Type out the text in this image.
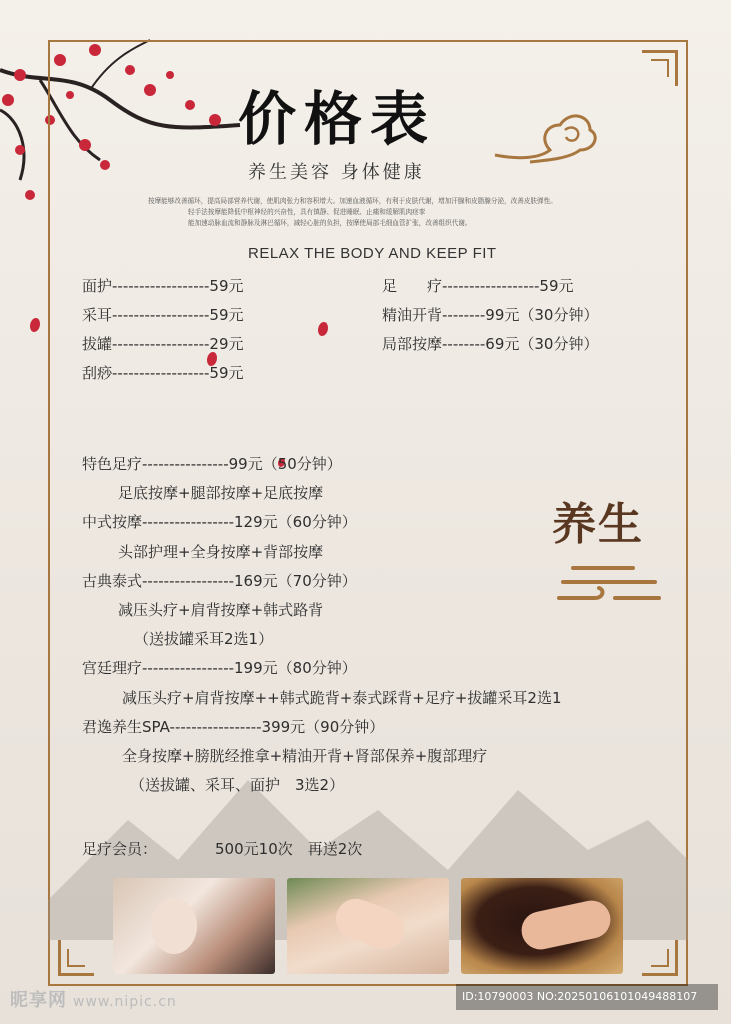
价格表
养生美容 身体健康
按摩能够改善循环，提高局部营养代谢，使肌肉张力和容积增大。加速血液循环，有利于皮肤代谢，增加汗腺和皮脂腺分泌，改善皮肤弹性。
轻手法按摩能降低中枢神经的兴奋性，具有镇静、促进睡眠、止痛和缓解肌肉痉挛
能加速动脉血流和静脉及淋巴循环，减轻心脏的负担，按摩使局部毛细血管扩张，改善组织代谢。
RELAX THE BODY AND KEEP FIT
面护------------------59元
采耳------------------59元
拔罐------------------29元
刮痧------------------59元
足　　疗------------------59元
精油开背--------99元（30分钟）
局部按摩--------69元（30分钟）
特色足疗----------------99元（50分钟）
足底按摩+腿部按摩+足底按摩
中式按摩-----------------129元（60分钟）
头部护理+全身按摩+背部按摩
古典泰式-----------------169元（70分钟）
减压头疗+肩背按摩+韩式路背
（送拔罐采耳2选1）
宫廷理疗-----------------199元（80分钟）
减压头疗+肩背按摩++韩式跪背+泰式踩背+足疗+拔罐采耳2选1
君逸养生SPA-----------------399元（90分钟）
全身按摩+膀胱经推拿+精油开背+肾部保养+腹部理疗
（送拔罐、采耳、面护　3选2）
养生
足疗会员：	500元10次　再送2次
昵享网 www.nipic.cn	ID:10790003 NO:20250106101049488107
